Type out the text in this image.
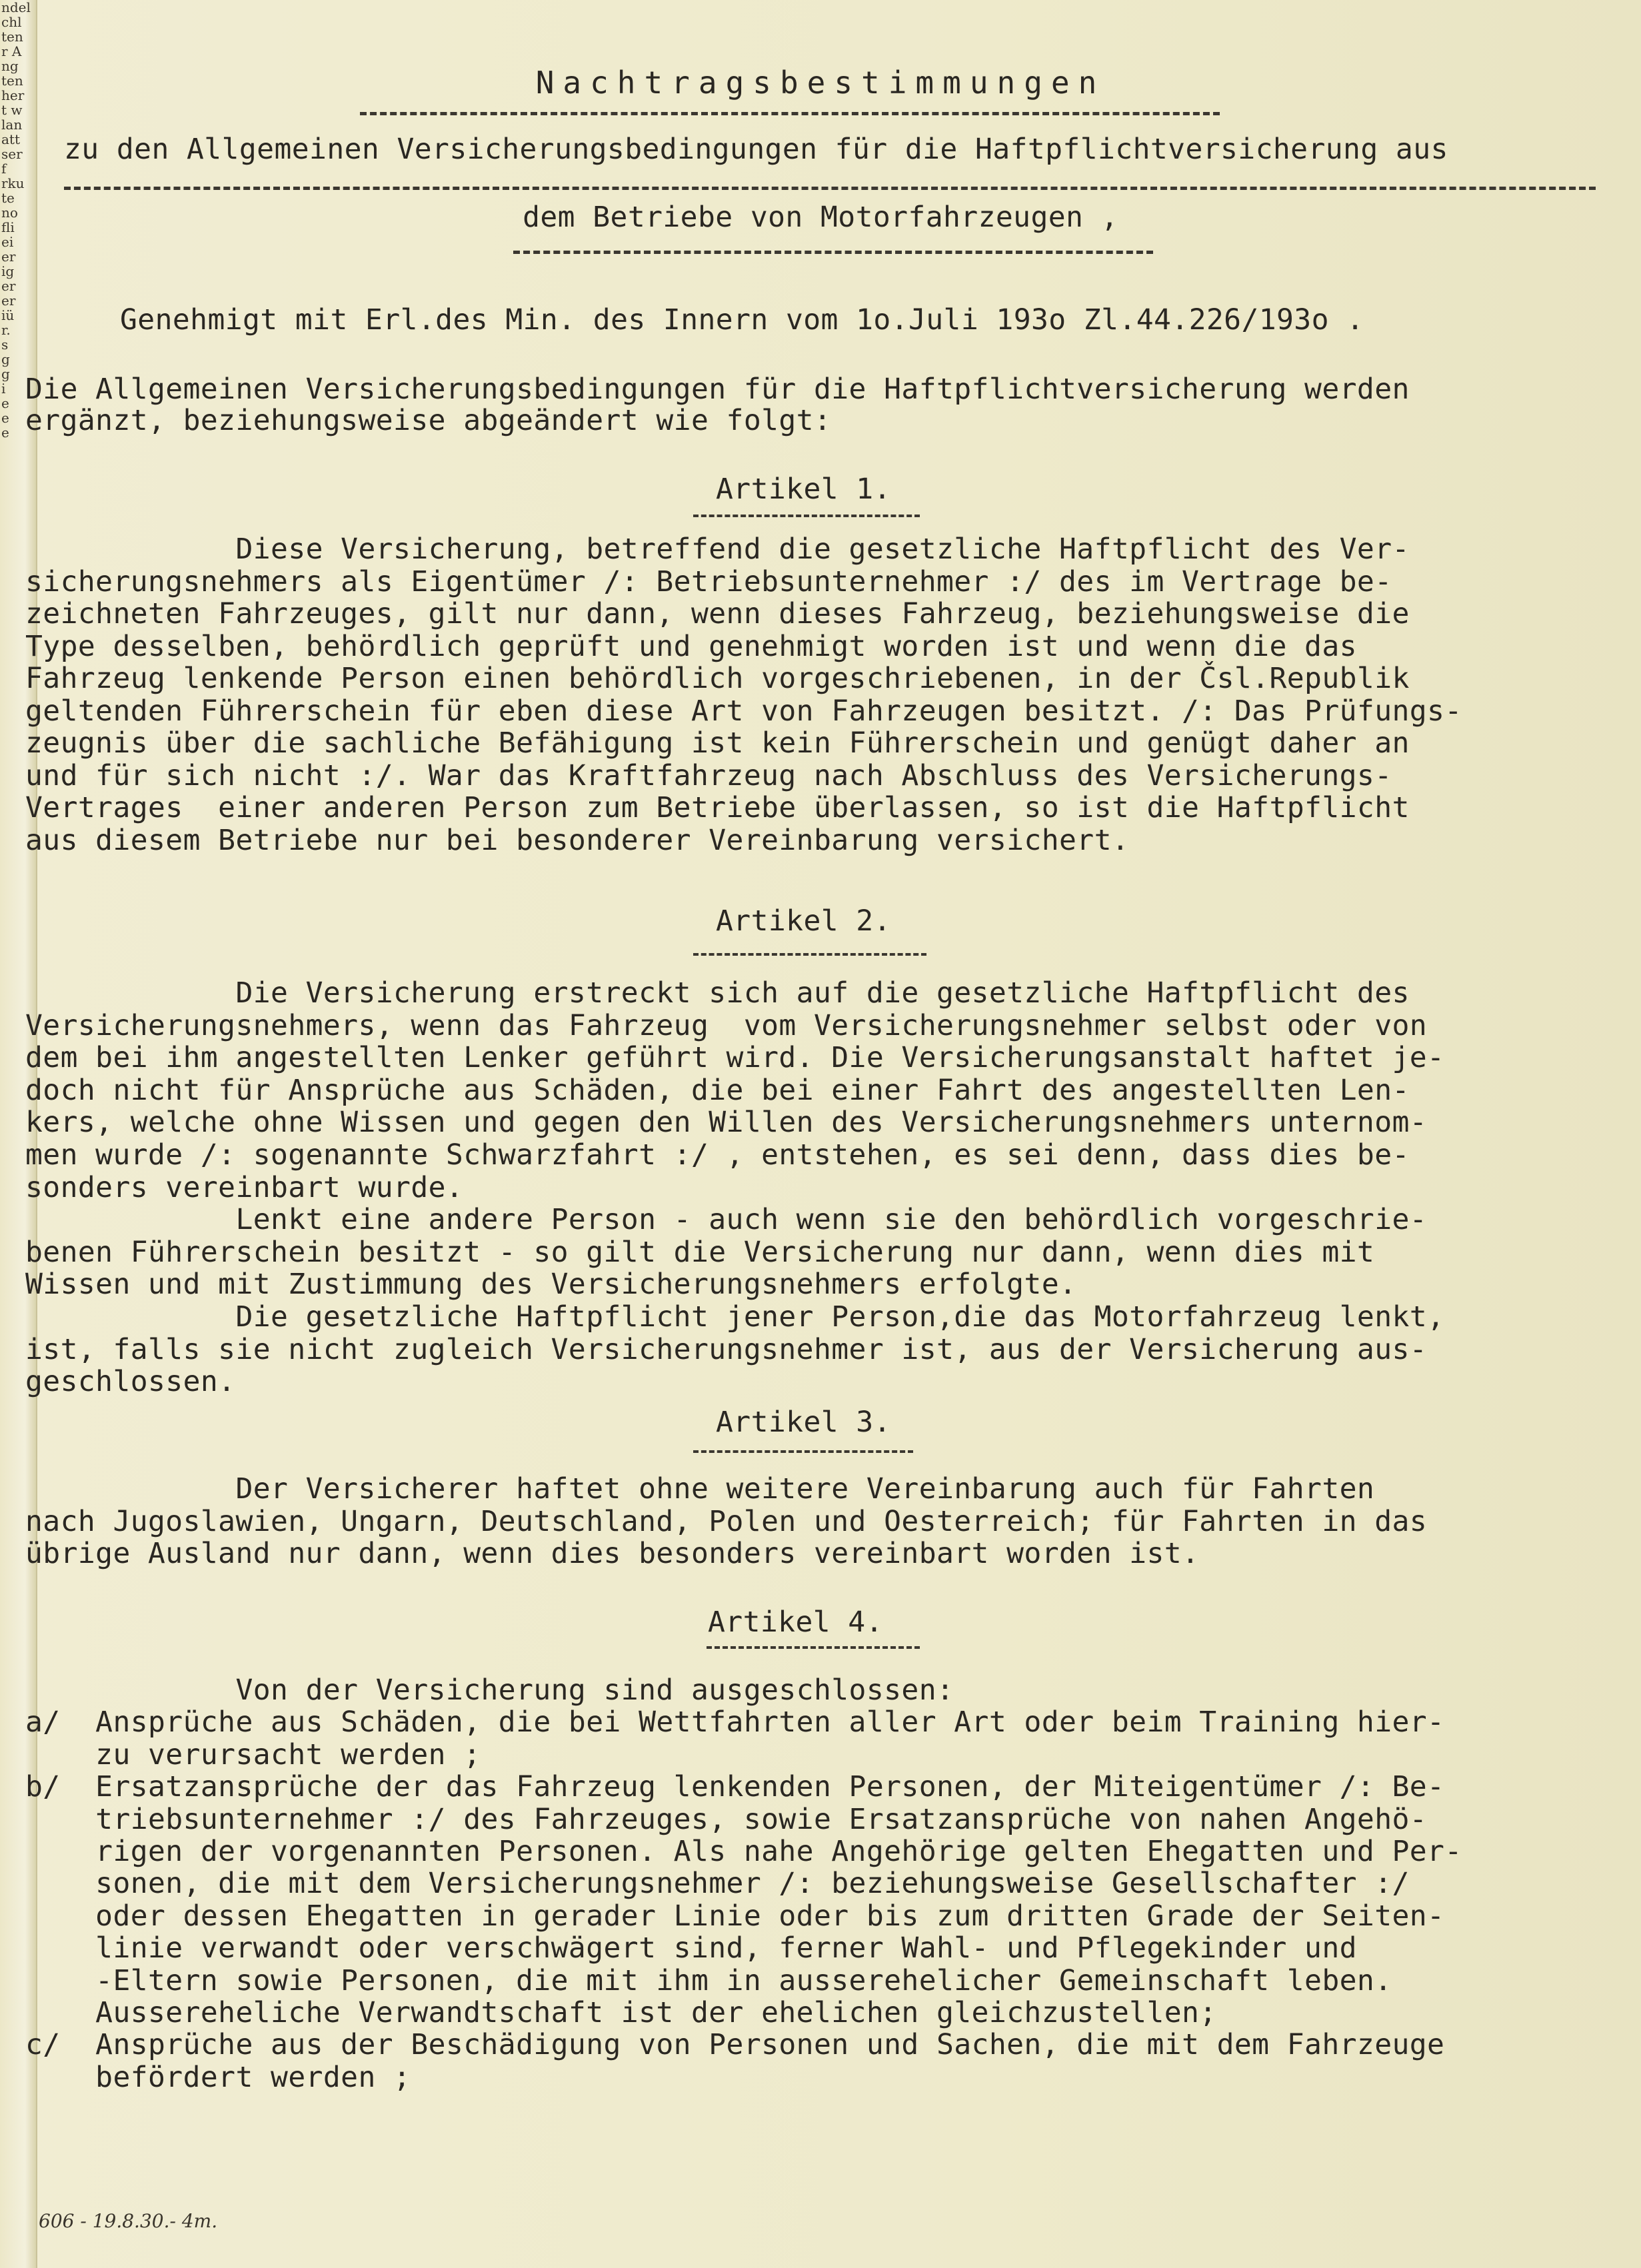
ndel
chl
ten
r A
ng
ten
her
t w
lan
att
ser
f
rku
te
no
fli
ei
er
ig
er
er
iü
r.
s
g
g
i
e
e
e
Nachtragsbestimmungen
zu den Allgemeinen Versicherungsbedingungen für die Haftpflichtversicherung aus
dem Betriebe von Motorfahrzeugen ,
Genehmigt mit Erl.des Min. des Innern vom 1o.Juli 193o Zl.44.226/193o .
Die Allgemeinen Versicherungsbedingungen für die Haftpflichtversicherung werden
ergänzt, beziehungsweise abgeändert wie folgt:
Artikel 1.
Diese Versicherung, betreffend die gesetzliche Haftpflicht des Ver-
sicherungsnehmers als Eigentümer /: Betriebsunternehmer :/ des im Vertrage be-
zeichneten Fahrzeuges, gilt nur dann, wenn dieses Fahrzeug, beziehungsweise die
Type desselben, behördlich geprüft und genehmigt worden ist und wenn die das
Fahrzeug lenkende Person einen behördlich vorgeschriebenen, in der Čsl.Republik
geltenden Führerschein für eben diese Art von Fahrzeugen besitzt. /: Das Prüfungs-
zeugnis über die sachliche Befähigung ist kein Führerschein und genügt daher an
und für sich nicht :/. War das Kraftfahrzeug nach Abschluss des Versicherungs-
Vertrages  einer anderen Person zum Betriebe überlassen, so ist die Haftpflicht
aus diesem Betriebe nur bei besonderer Vereinbarung versichert.
Artikel 2.
Die Versicherung erstreckt sich auf die gesetzliche Haftpflicht des
Versicherungsnehmers, wenn das Fahrzeug  vom Versicherungsnehmer selbst oder von
dem bei ihm angestellten Lenker geführt wird. Die Versicherungsanstalt haftet je-
doch nicht für Ansprüche aus Schäden, die bei einer Fahrt des angestellten Len-
kers, welche ohne Wissen und gegen den Willen des Versicherungsnehmers unternom-
men wurde /: sogenannte Schwarzfahrt :/ , entstehen, es sei denn, dass dies be-
sonders vereinbart wurde.
Lenkt eine andere Person - auch wenn sie den behördlich vorgeschrie-
benen Führerschein besitzt - so gilt die Versicherung nur dann, wenn dies mit
Wissen und mit Zustimmung des Versicherungsnehmers erfolgte.
Die gesetzliche Haftpflicht jener Person,die das Motorfahrzeug lenkt,
ist, falls sie nicht zugleich Versicherungsnehmer ist, aus der Versicherung aus-
geschlossen.
Artikel 3.
Der Versicherer haftet ohne weitere Vereinbarung auch für Fahrten
nach Jugoslawien, Ungarn, Deutschland, Polen und Oesterreich; für Fahrten in das
übrige Ausland nur dann, wenn dies besonders vereinbart worden ist.
Artikel 4.
Von der Versicherung sind ausgeschlossen:
a/  Ansprüche aus Schäden, die bei Wettfahrten aller Art oder beim Training hier-
zu verursacht werden ;
b/  Ersatzansprüche der das Fahrzeug lenkenden Personen, der Miteigentümer /: Be-
triebsunternehmer :/ des Fahrzeuges, sowie Ersatzansprüche von nahen Angehö-
rigen der vorgenannten Personen. Als nahe Angehörige gelten Ehegatten und Per-
sonen, die mit dem Versicherungsnehmer /: beziehungsweise Gesellschafter :/
oder dessen Ehegatten in gerader Linie oder bis zum dritten Grade der Seiten-
linie verwandt oder verschwägert sind, ferner Wahl- und Pflegekinder und
-Eltern sowie Personen, die mit ihm in ausserehelicher Gemeinschaft leben.
Aussereheliche Verwandtschaft ist der ehelichen gleichzustellen;
c/  Ansprüche aus der Beschädigung von Personen und Sachen, die mit dem Fahrzeuge
befördert werden ;
606 - 19.8.30.- 4m.
